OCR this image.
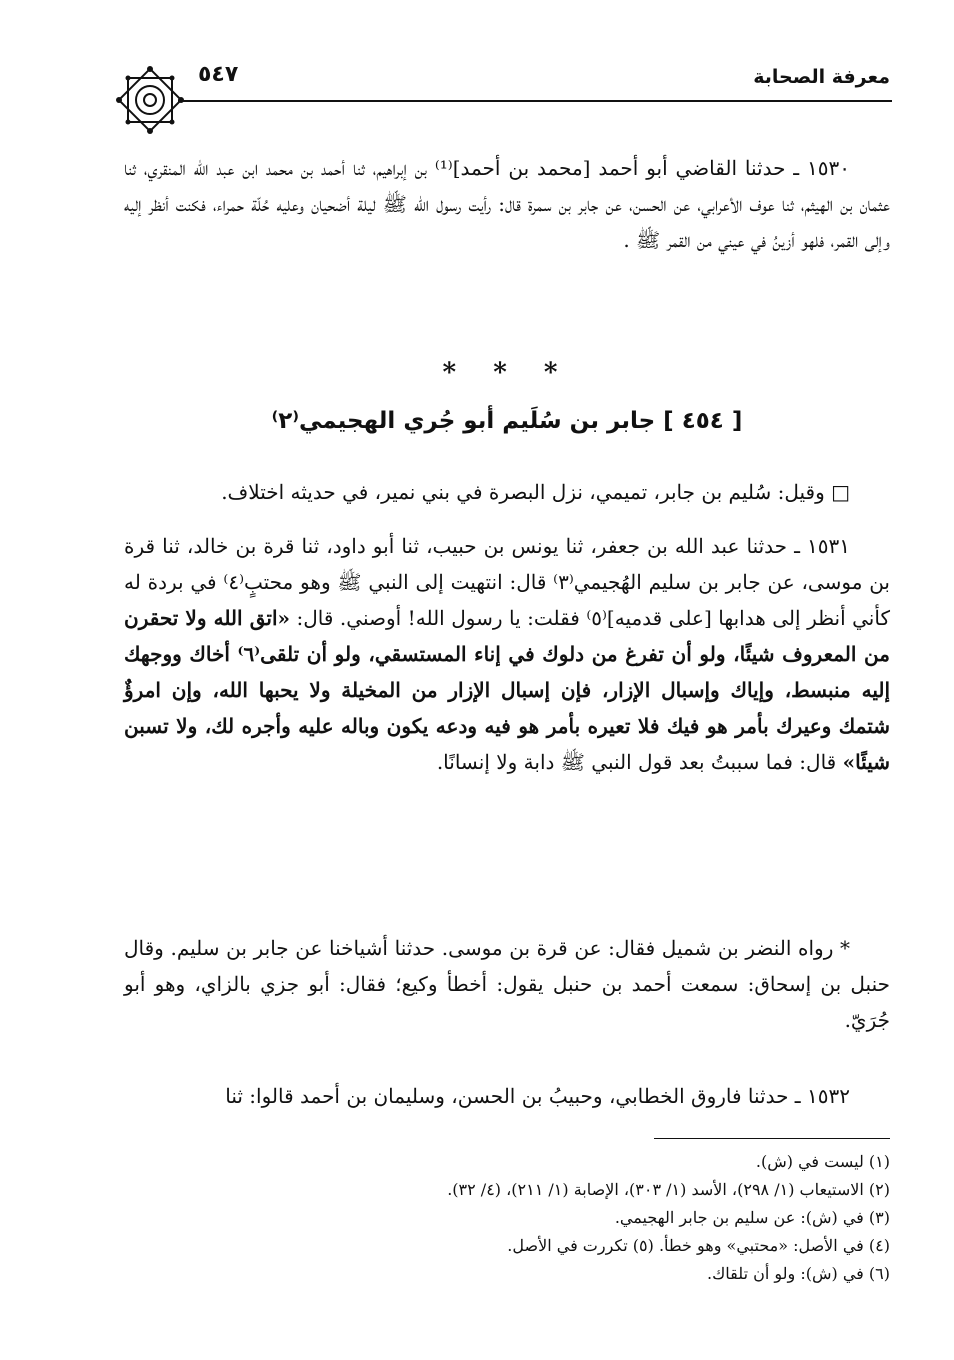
معرفة الصحابة
٥٤٧
١٥٣٠ ـ حدثنا القاضي أبو أحمد [محمد بن أحمد]⁽¹⁾ بن إبراهيم، ثنا أحمد بن محمد ابن عبد الله المنقري، ثنا عثمان بن الهيثم، ثنا عوف الأعرابي، عن الحسن، عن جابر بن سمرة قال: رأيت رسول الله ﷺ ليلة أضحيان وعليه حُلّة حمراء، فكنت أنظر إليه وإلى القمر، فلهو أزينُ في عيني من القمر ﷺ .
* * *
[ ٤٥٤ ] جابر بن سُلَيم أبو جُري الهجيمي⁽٢⁾
□ وقيل: سُليم بن جابر، تميمي، نزل البصرة في بني نمير، في حديثه اختلاف.
١٥٣١ ـ حدثنا عبد الله بن جعفر، ثنا يونس بن حبيب، ثنا أبو داود، ثنا قرة بن خالد، ثنا قرة بن موسى، عن جابر بن سليم الهُجيمي⁽٣⁾ قال: انتهيت إلى النبي ﷺ وهو محتبٍ⁽٤⁾ في بردة له كأني أنظر إلى هدابها [على قدميه]⁽٥⁾ فقلت: يا رسول الله! أوصني. قال: «اتق الله ولا تحقرن من المعروف شيئًا، ولو أن تفرغ من دلوك في إناء المستسقي، ولو أن تلقى⁽٦⁾ أخاك ووجهك إليه منبسط، وإياك وإسبال الإزار، فإن إسبال الإزار من المخيلة ولا يحبها الله، وإن امرؤٌ شتمك وعيرك بأمر هو فيك فلا تعيره بأمر هو فيه ودعه يكون وباله عليه وأجره لك، ولا تسبن شيئًا» قال: فما سببتُ بعد قول النبي ﷺ دابة ولا إنسانًا.
* رواه النضر بن شميل فقال: عن قرة بن موسى. حدثنا أشياخنا عن جابر بن سليم. وقال حنبل بن إسحاق: سمعت أحمد بن حنبل يقول: أخطأ وكيع؛ فقال: أبو جزي بالزاي، وهو أبو جُرَيّ.
١٥٣٢ ـ حدثنا فاروق الخطابي، وحبيبُ بن الحسن، وسليمان بن أحمد قالوا: ثنا
(١) ليست في (ش).
(٢) الاستيعاب (١/ ٢٩٨)، الأسد (١/ ٣٠٣)، الإصابة (١/ ٢١١)، (٤/ ٣٢).
(٣) في (ش): عن سليم بن جابر الهجيمي.
(٤) في الأصل: «محتبي» وهو خطأ. (٥) تكررت في الأصل.
(٦) في (ش): ولو أن تلقاك.
